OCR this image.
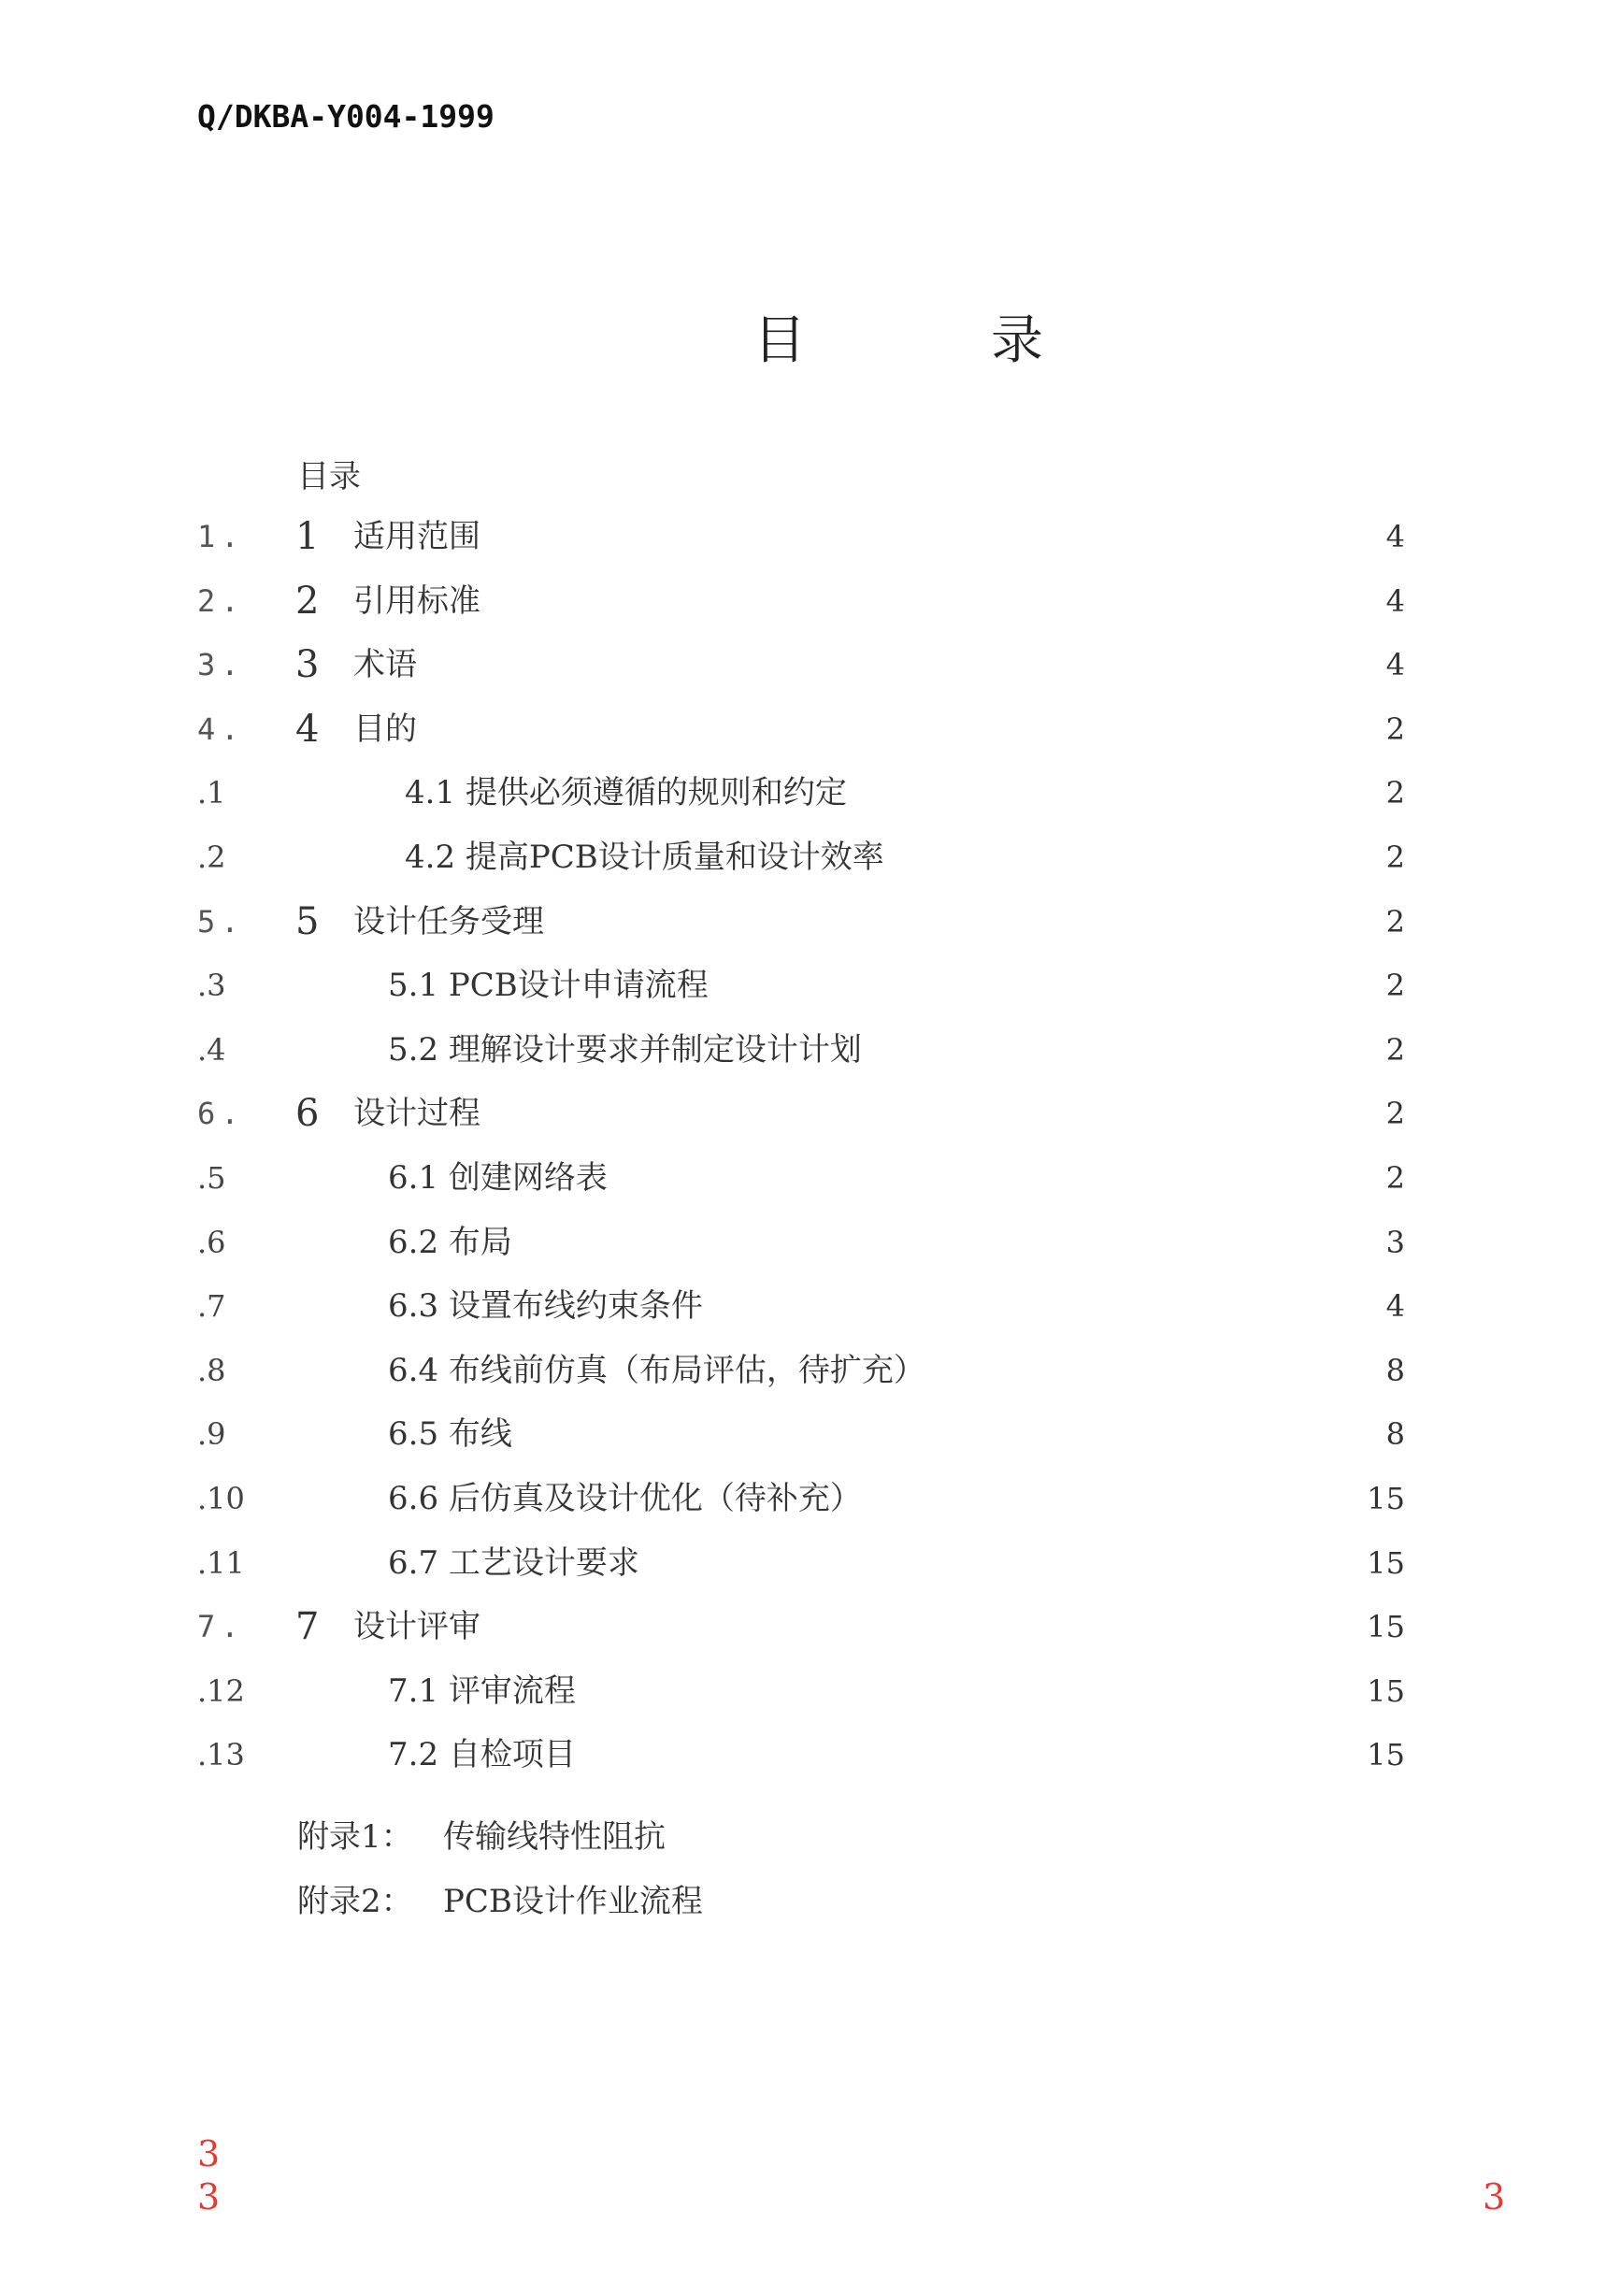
Q/DKBA-Y004-1999
目	录
目录
1. 1 适用范围	4
2. 2 引用标准	4
3. 3 术语	4
4. 4 目的	2
.1	4.1 提供必须遵循的规则和约定	2
.2	4.2 提高PCB设计质量和设计效率	2
5. 5 设计任务受理	2
.3	5.1 PCB设计申请流程	2
.4	5.2 理解设计要求并制定设计计划	2
6. 6 设计过程	2
.5	6.1 创建网络表	2
.6	6.2 布局	3
.7	6.3 设置布线约束条件	4
.8	6.4 布线前仿真（布局评估，待扩充）	8
.9	6.5 布线	8
.10	6.6 后仿真及设计优化（待补充）	15
.11	6.7 工艺设计要求	15
7. 7 设计评审	15
.12	7.1 评审流程	15
.13	7.2 自检项目	15
附录1： 传输线特性阻抗
附录2： PCB设计作业流程
3
3	3
